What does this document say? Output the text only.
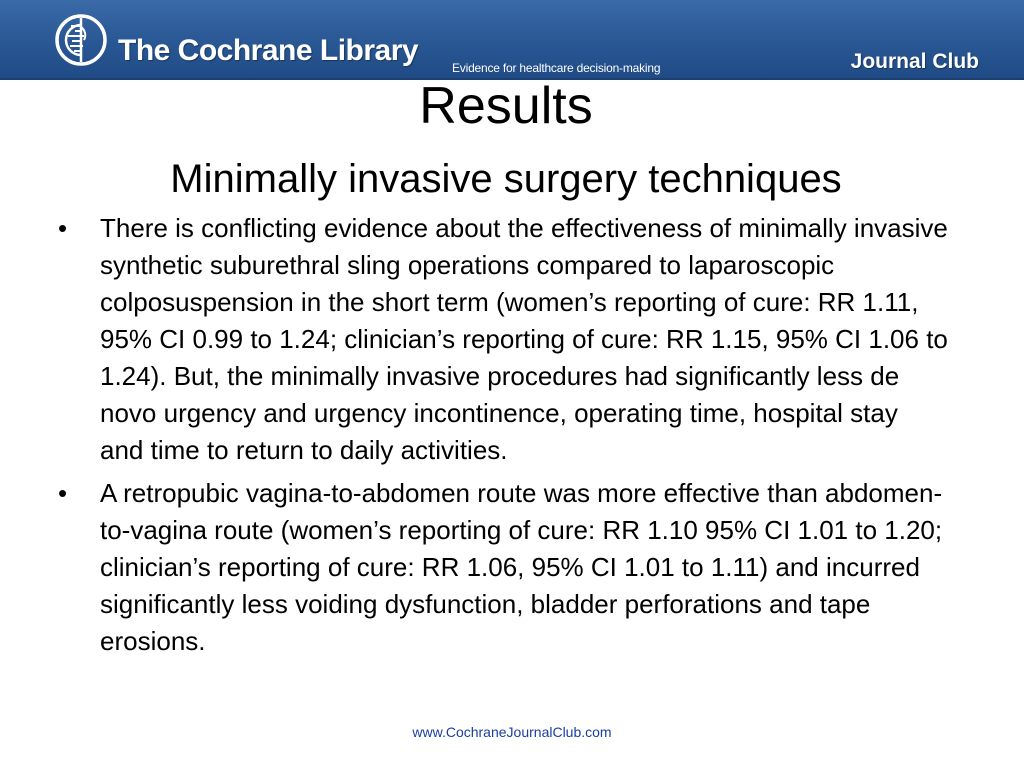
The Cochrane Library
Evidence for healthcare decision-making	Journal Club
Results
Minimally invasive surgery techniques
•	There is conflicting evidence about the effectiveness of minimally invasive synthetic suburethral sling operations compared to laparoscopic colposuspension in the short term (women’s reporting of cure: RR 1.11, 95% CI 0.99 to 1.24; clinician’s reporting of cure: RR 1.15, 95% CI 1.06 to 1.24). But, the minimally invasive procedures had significantly less de novo urgency and urgency incontinence, operating time, hospital stay and time to return to daily activities.
•	A retropubic vagina-to-abdomen route was more effective than abdomen-to-vagina route (women’s reporting of cure: RR 1.10 95% CI 1.01 to 1.20; clinician’s reporting of cure: RR 1.06, 95% CI 1.01 to 1.11) and incurred significantly less voiding dysfunction, bladder perforations and tape erosions.
www.CochraneJournalClub.com
